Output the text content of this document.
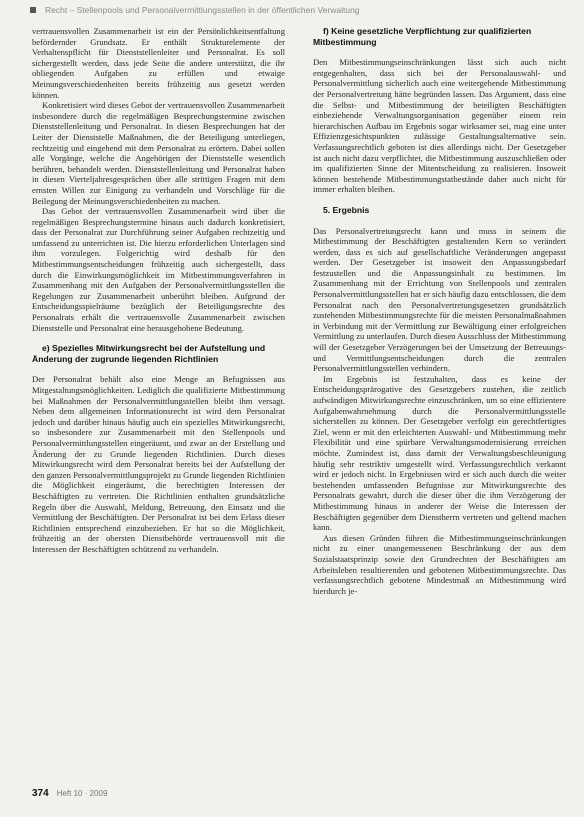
Recht – Stellenpools und Personalvermittlungsstellen in der öffentlichen Verwaltung

vertrauensvollen Zusammenarbeit ist ein der Persönlichkeitsentfaltung befördernder Grundsatz. Er enthält Strukturelemente der Verhaltenspflicht für Dienststellenleiter und Personalrat. Es soll sichergestellt werden, dass jede Seite die andere unterstützt, die ihr obliegenden Aufgaben zu erfüllen und etwaige Meinungsverschiedenheiten bereits frühzeitig aus gesetzt werden können.

Konkretisiert wird dieses Gebot der vertrauensvollen Zusammenarbeit insbesondere durch die regelmäßigen Besprechungstermine zwischen Dienststellenleitung und Personalrat. In diesen Besprechungen hat der Leiter der Dienststelle Maßnahmen, die der Beteiligung unterliegen, rechtzeitig und eingehend mit dem Personalrat zu erörtern. Dabei sollen alle Vorgänge, welche die Angehörigen der Dienststelle wesentlich berühren, behandelt werden. Dienststellenleitung und Personalrat haben in diesen Vierteljahresgesprächen über alle strittigen Fragen mit dem ernsten Willen zur Einigung zu verhandeln und Vorschläge für die Beilegung der Meinungsverschiedenheiten zu machen.

Das Gebot der vertrauensvollen Zusammenarbeit wird über die regelmäßigen Besprechungstermine hinaus auch dadurch konkretisiert, dass der Personalrat zur Durchführung seiner Aufgaben rechtzeitig und umfassend zu unterrichten ist. Die hierzu erforderlichen Unterlagen sind ihm vorzulegen. Folgerichtig wird deshalb für den Mitbestimmungsentscheidungen frühzeitig auch sichergestellt, dass durch die Einwirkungsmöglichkeit im Mitbestimmungsverfahren in Zusammenhang mit den Aufgaben der Personalvermittlungsstellen die Regelungen zur Zusammenarbeit unberührt bleiben. Aufgrund der Entscheidungsspielräume bezüglich der Beteiligungsrechte des Personalrats erhält die vertrauensvolle Zusammenarbeit zwischen Dienststelle und Personalrat eine herausgehobene Bedeutung.

e) Spezielles Mitwirkungsrecht bei der Aufstellung und Änderung der zugrunde liegenden Richtlinien

Der Personalrat behält also eine Menge an Befugnissen aus Mitgestaltungsmöglichkeiten. Lediglich die qualifizierte Mitbestimmung bei Maßnahmen der Personalvermittlungsstellen bleibt ihm versagt. Neben dem allgemeinen Informationsrecht ist wird dem Personalrat jedoch und darüber hinaus häufig auch ein spezielles Mitwirkungsrecht, so insbesondere zur Zusammenarbeit mit den Stellenpools und Personalvermittlungsstellen eingeräumt, und zwar an der Erstellung und Änderung der zu Grunde liegenden Richtlinien. Durch dieses Mitwirkungsrecht wird dem Personalrat bereits bei der Aufstellung der den ganzen Personalvermittlungsprojekt zu Grunde liegenden Richtlinien die Möglichkeit eingeräumt, die berechtigten Interessen der Beschäftigten zu vertreten. Die Richtlinien enthalten grundsätzliche Regeln über die Auswahl, Meldung, Betreuung, den Einsatz und die Vermittlung der Beschäftigten. Der Personalrat ist bei dem Erlass dieser Richtlinien entsprechend einzubeziehen. Er hat so die Möglichkeit, frühzeitig an der obersten Dienstbehörde vertrauensvoll mit die Interessen der Beschäftigten schützend zu verhandeln.

f) Keine gesetzliche Verpflichtung zur qualifizierten Mitbestimmung

Den Mitbestimmungseinschränkungen lässt sich auch nicht entgegenhalten, dass sich bei der Personalauswahl- und Personalvermittlung sicherlich auch eine weitergehende Mitbestimmung der Personalvertretung hätte begründen lassen. Das Argument, dass eine die Selbst- und Mitbestimmung der beteiligten Beschäftigten einbeziehende Verwaltungsorganisation gegenüber einem rein hierarchischen Aufbau im Ergebnis sogar wirksamer sei, mag eine unter Effizienzgesichtspunkten zulässige Gestaltungsalternative sein. Verfassungsrechtlich geboten ist dies allerdings nicht. Der Gesetzgeber ist auch nicht dazu verpflichtet, die Mitbestimmung auszuschließen oder im qualifizierten Sinne der Mitentscheidung zu realisieren. Insoweit können bestehende Mitbestimmungstatbestände daher auch nicht für immer erhalten bleiben.

5. Ergebnis

Das Personalvertretungsrecht kann und muss in seinem die Mitbestimmung der Beschäftigten gestaltenden Kern so verändert werden, dass es sich auf gesellschaftliche Veränderungen angepasst werden. Der Gesetzgeber ist insoweit den Anpassungsbedarf festzustellen und die Anpassungsinhalt zu bestimmen. Im Zusammenhang mit der Errichtung von Stellenpools und zentralen Personalvermittlungsstellen hat er sich häufig dazu entschlossen, die dem Personalrat nach den Personalvertretungsgesetzen grundsätzlich zustehenden Mitbestimmungsrechte für die meisten Personalmaßnahmen in Verbindung mit der Vermittlung zur Bewältigung einer erfolgreichen Vermittlung zu unterlaufen. Durch diesen Ausschluss der Mitbestimmung will der Gesetzgeber Verzögerungen bei der Umsetzung der Betreuungs- und Vermittlungsentscheidungen durch die zentralen Personalvermittlungsstellen verhindern.

Im Ergebnis ist festzuhalten, dass es keine der Entscheidungsprärogative des Gesetzgebers zustehen, die zeitlich aufwändigen Mitwirkungsrechte einzuschränken, um so eine effizientere Aufgabenwahrnehmung durch die Personalvermittlungsstelle sicherstellen zu können. Der Gesetzgeber verfolgt ein gerechtfertigtes Ziel, wenn er mit den erleichterten Auswahl- und Mitbestimmung mehr Flexibilität und eine spürbare Verwaltungsmodernisierung erreichen möchte. Zumindest ist, dass damit der Verwaltungsbeschleunigung häufig sehr restriktiv umgestellt wird. Verfassungsrechtlich verkannt wird er jedoch nicht. In Ergebnissen wird er sich auch durch die weiter bestehenden umfassenden Befugnisse zur Mitwirkungsrechte des Personalrats gewahrt, durch die dieser über die ihm Verzögerung der Mitbestimmung hinaus in anderer der Weise die Interessen der Beschäftigten gegenüber dem Dienstherrn vertreten und geltend machen kann.

Aus diesen Gründen führen die Mitbestimmungseinschränkungen nicht zu einer unangemessenen Beschränkung der aus dem Sozialstaatsprinzip sowie den Grundrechten der Beschäftigten am Arbeitsleben resultierenden und gebotenen Mitbestimmungsrechte. Das verfassungsrechtlich gebotene Mindestmaß an Mitbestimmung wird hierdurch je-

374 Heft 10 · 2009
